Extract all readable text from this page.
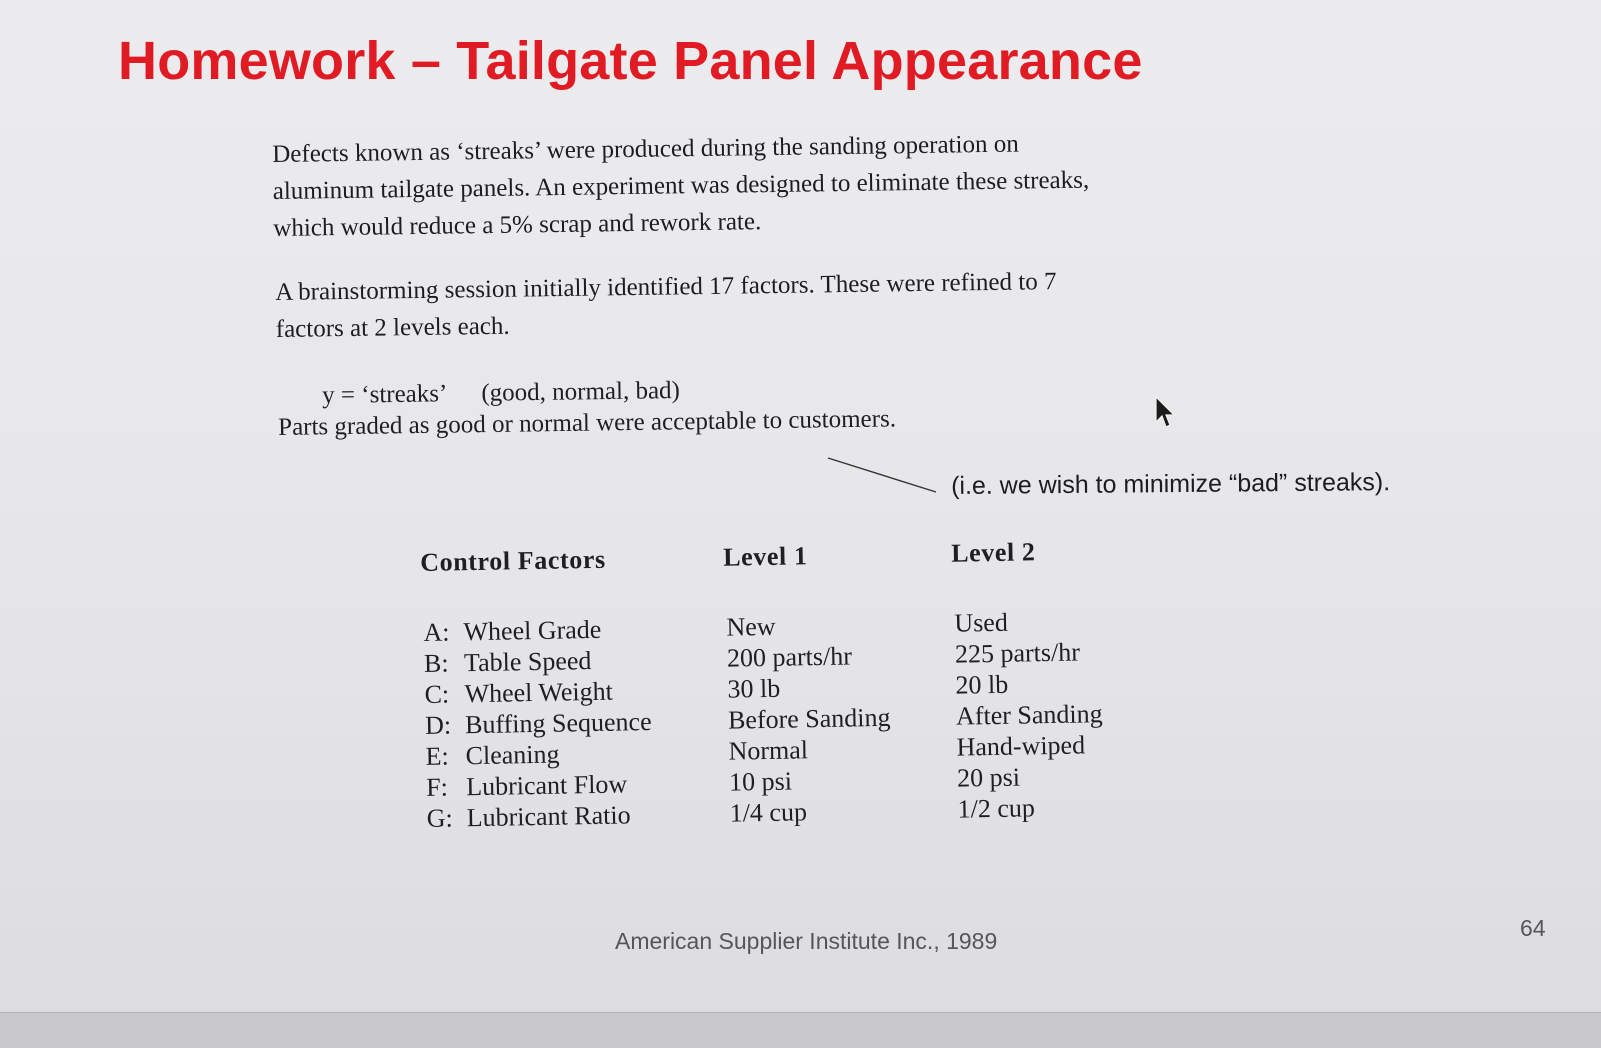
Homework – Tailgate Panel Appearance
Defects known as ‘streaks’ were produced during the sanding operation on
aluminum tailgate panels. An experiment was designed to eliminate these streaks,
which would reduce a 5% scrap and rework rate.
A brainstorming session initially identified 17 factors. These were refined to 7
factors at 2 levels each.
y = ‘streaks’ (good, normal, bad)
Parts graded as good or normal were acceptable to customers.
(i.e. we wish to minimize “bad” streaks).
Control Factors	Level 1	Level 2
A: Wheel Grade	New	Used
B: Table Speed	200 parts/hr	225 parts/hr
C: Wheel Weight	30 lb	20 lb
D: Buffing Sequence	Before Sanding	After Sanding
E: Cleaning	Normal	Hand-wiped
F: Lubricant Flow	10 psi	20 psi
G: Lubricant Ratio	1/4 cup	1/2 cup
American Supplier Institute Inc., 1989	64
